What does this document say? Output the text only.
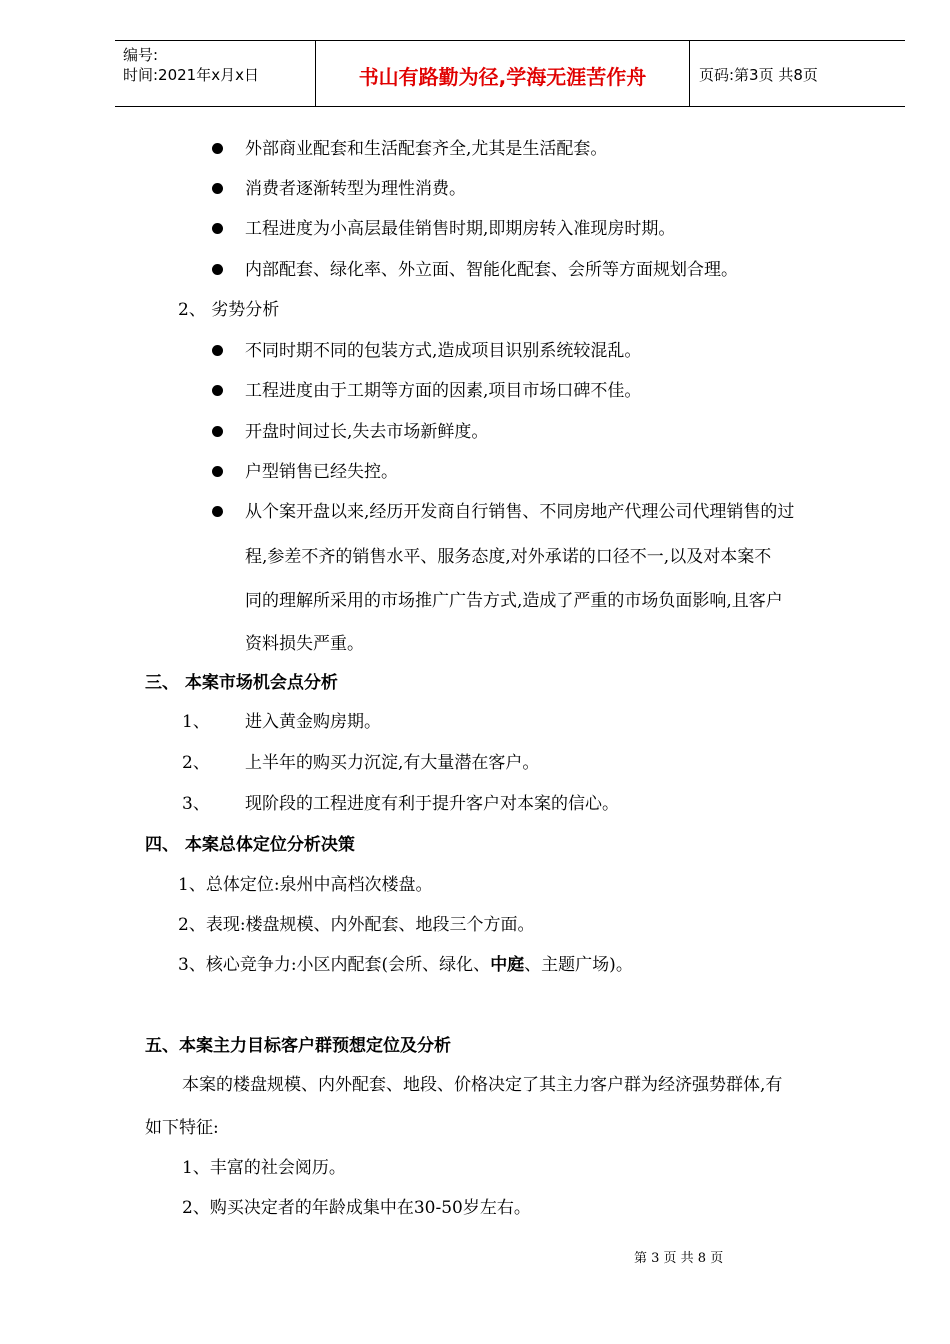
编号:
时间:2021年x月x日	书山有路勤为径,学海无涯苦作舟	页码:第3页 共8页
外部商业配套和生活配套齐全,尤其是生活配套。
消费者逐渐转型为理性消费。
工程进度为小高层最佳销售时期,即期房转入准现房时期。
内部配套、绿化率、外立面、智能化配套、会所等方面规划合理。
2、 劣势分析
不同时期不同的包装方式,造成项目识别系统较混乱。
工程进度由于工期等方面的因素,项目市场口碑不佳。
开盘时间过长,失去市场新鲜度。
户型销售已经失控。
从个案开盘以来,经历开发商自行销售、不同房地产代理公司代理销售的过
程,参差不齐的销售水平、服务态度,对外承诺的口径不一,以及对本案不
同的理解所采用的市场推广广告方式,造成了严重的市场负面影响,且客户
资料损失严重。
三、 本案市场机会点分析
1、 进入黄金购房期。
2、 上半年的购买力沉淀,有大量潜在客户。
3、 现阶段的工程进度有利于提升客户对本案的信心。
四、 本案总体定位分析决策
1、总体定位:泉州中高档次楼盘。
2、表现:楼盘规模、内外配套、地段三个方面。
3、核心竞争力:小区内配套(会所、绿化、中庭、主题广场)。
五、本案主力目标客户群预想定位及分析
本案的楼盘规模、内外配套、地段、价格决定了其主力客户群为经济强势群体,有
如下特征:
1、丰富的社会阅历。
2、购买决定者的年龄成集中在30-50岁左右。
第 3 页 共 8 页
